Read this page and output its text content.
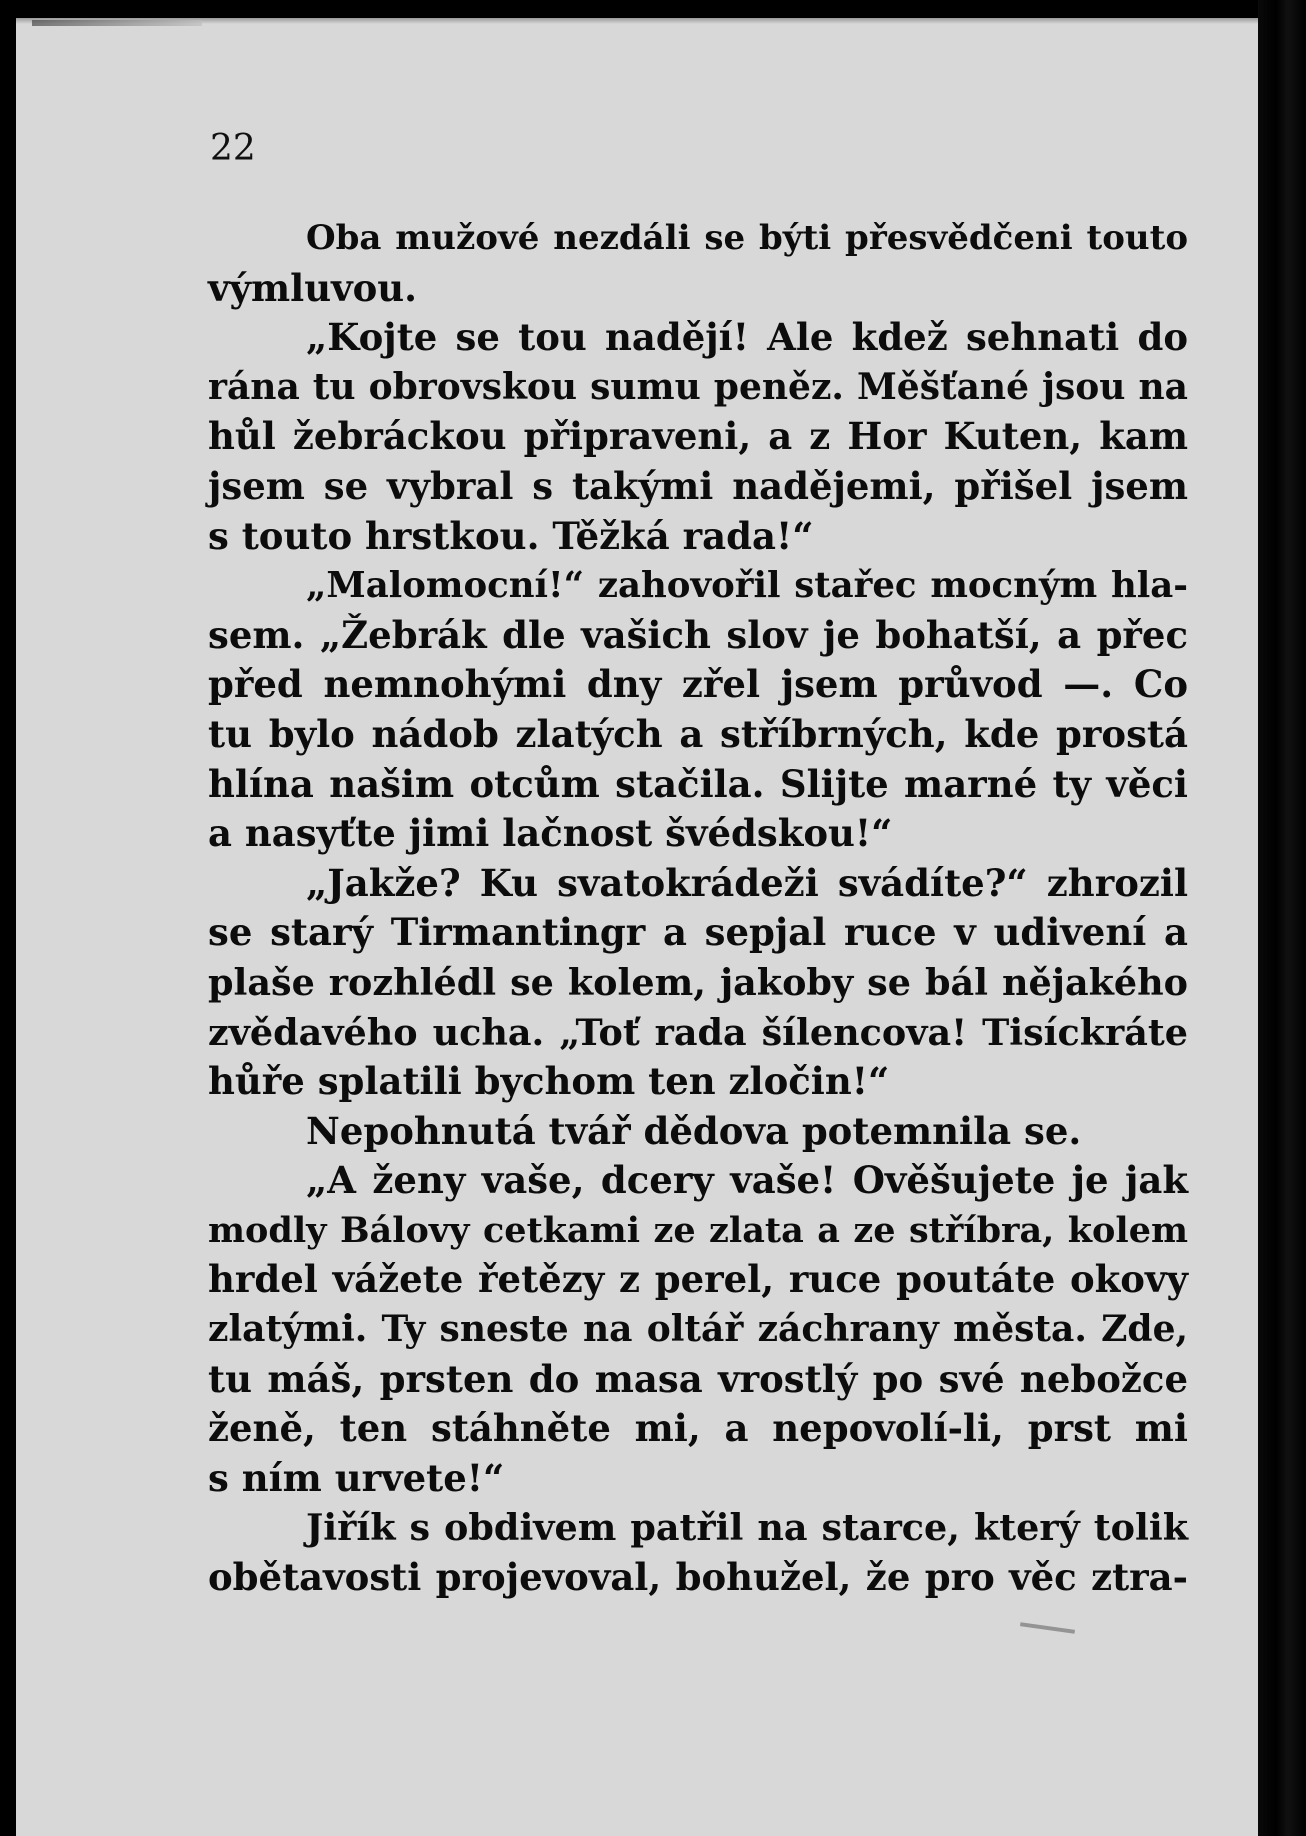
22
Oba mužové nezdáli se býti přesvědčeni touto
výmluvou.
„Kojte se tou nadějí! Ale kdež sehnati do
rána tu obrovskou sumu peněz. Měšťané jsou na
hůl žebráckou připraveni, a z Hor Kuten, kam
jsem se vybral s takými nadějemi, přišel jsem
s touto hrstkou. Těžká rada!“
„Malomocní!“ zahovořil stařec mocným hla-
sem. „Žebrák dle vašich slov je bohatší, a přec
před nemnohými dny zřel jsem průvod —. Co
tu bylo nádob zlatých a stříbrných, kde prostá
hlína našim otcům stačila. Slijte marné ty věci
a nasyťte jimi lačnost švédskou!“
„Jakže? Ku svatokrádeži svádíte?“ zhrozil
se starý Tirmantingr a sepjal ruce v udivení a
plaše rozhlédl se kolem, jakoby se bál nějakého
zvědavého ucha. „Toť rada šílencova! Tisíckráte
hůře splatili bychom ten zločin!“
Nepohnutá tvář dědova potemnila se.
„A ženy vaše, dcery vaše! Ověšujete je jak
modly Bálovy cetkami ze zlata a ze stříbra, kolem
hrdel vážete řetězy z perel, ruce poutáte okovy
zlatými. Ty sneste na oltář záchrany města. Zde,
tu máš, prsten do masa vrostlý po své nebožce
ženě, ten stáhněte mi, a nepovolí-li, prst mi
s ním urvete!“
Jiřík s obdivem patřil na starce, který tolik
obětavosti projevoval, bohužel, že pro věc ztra-
